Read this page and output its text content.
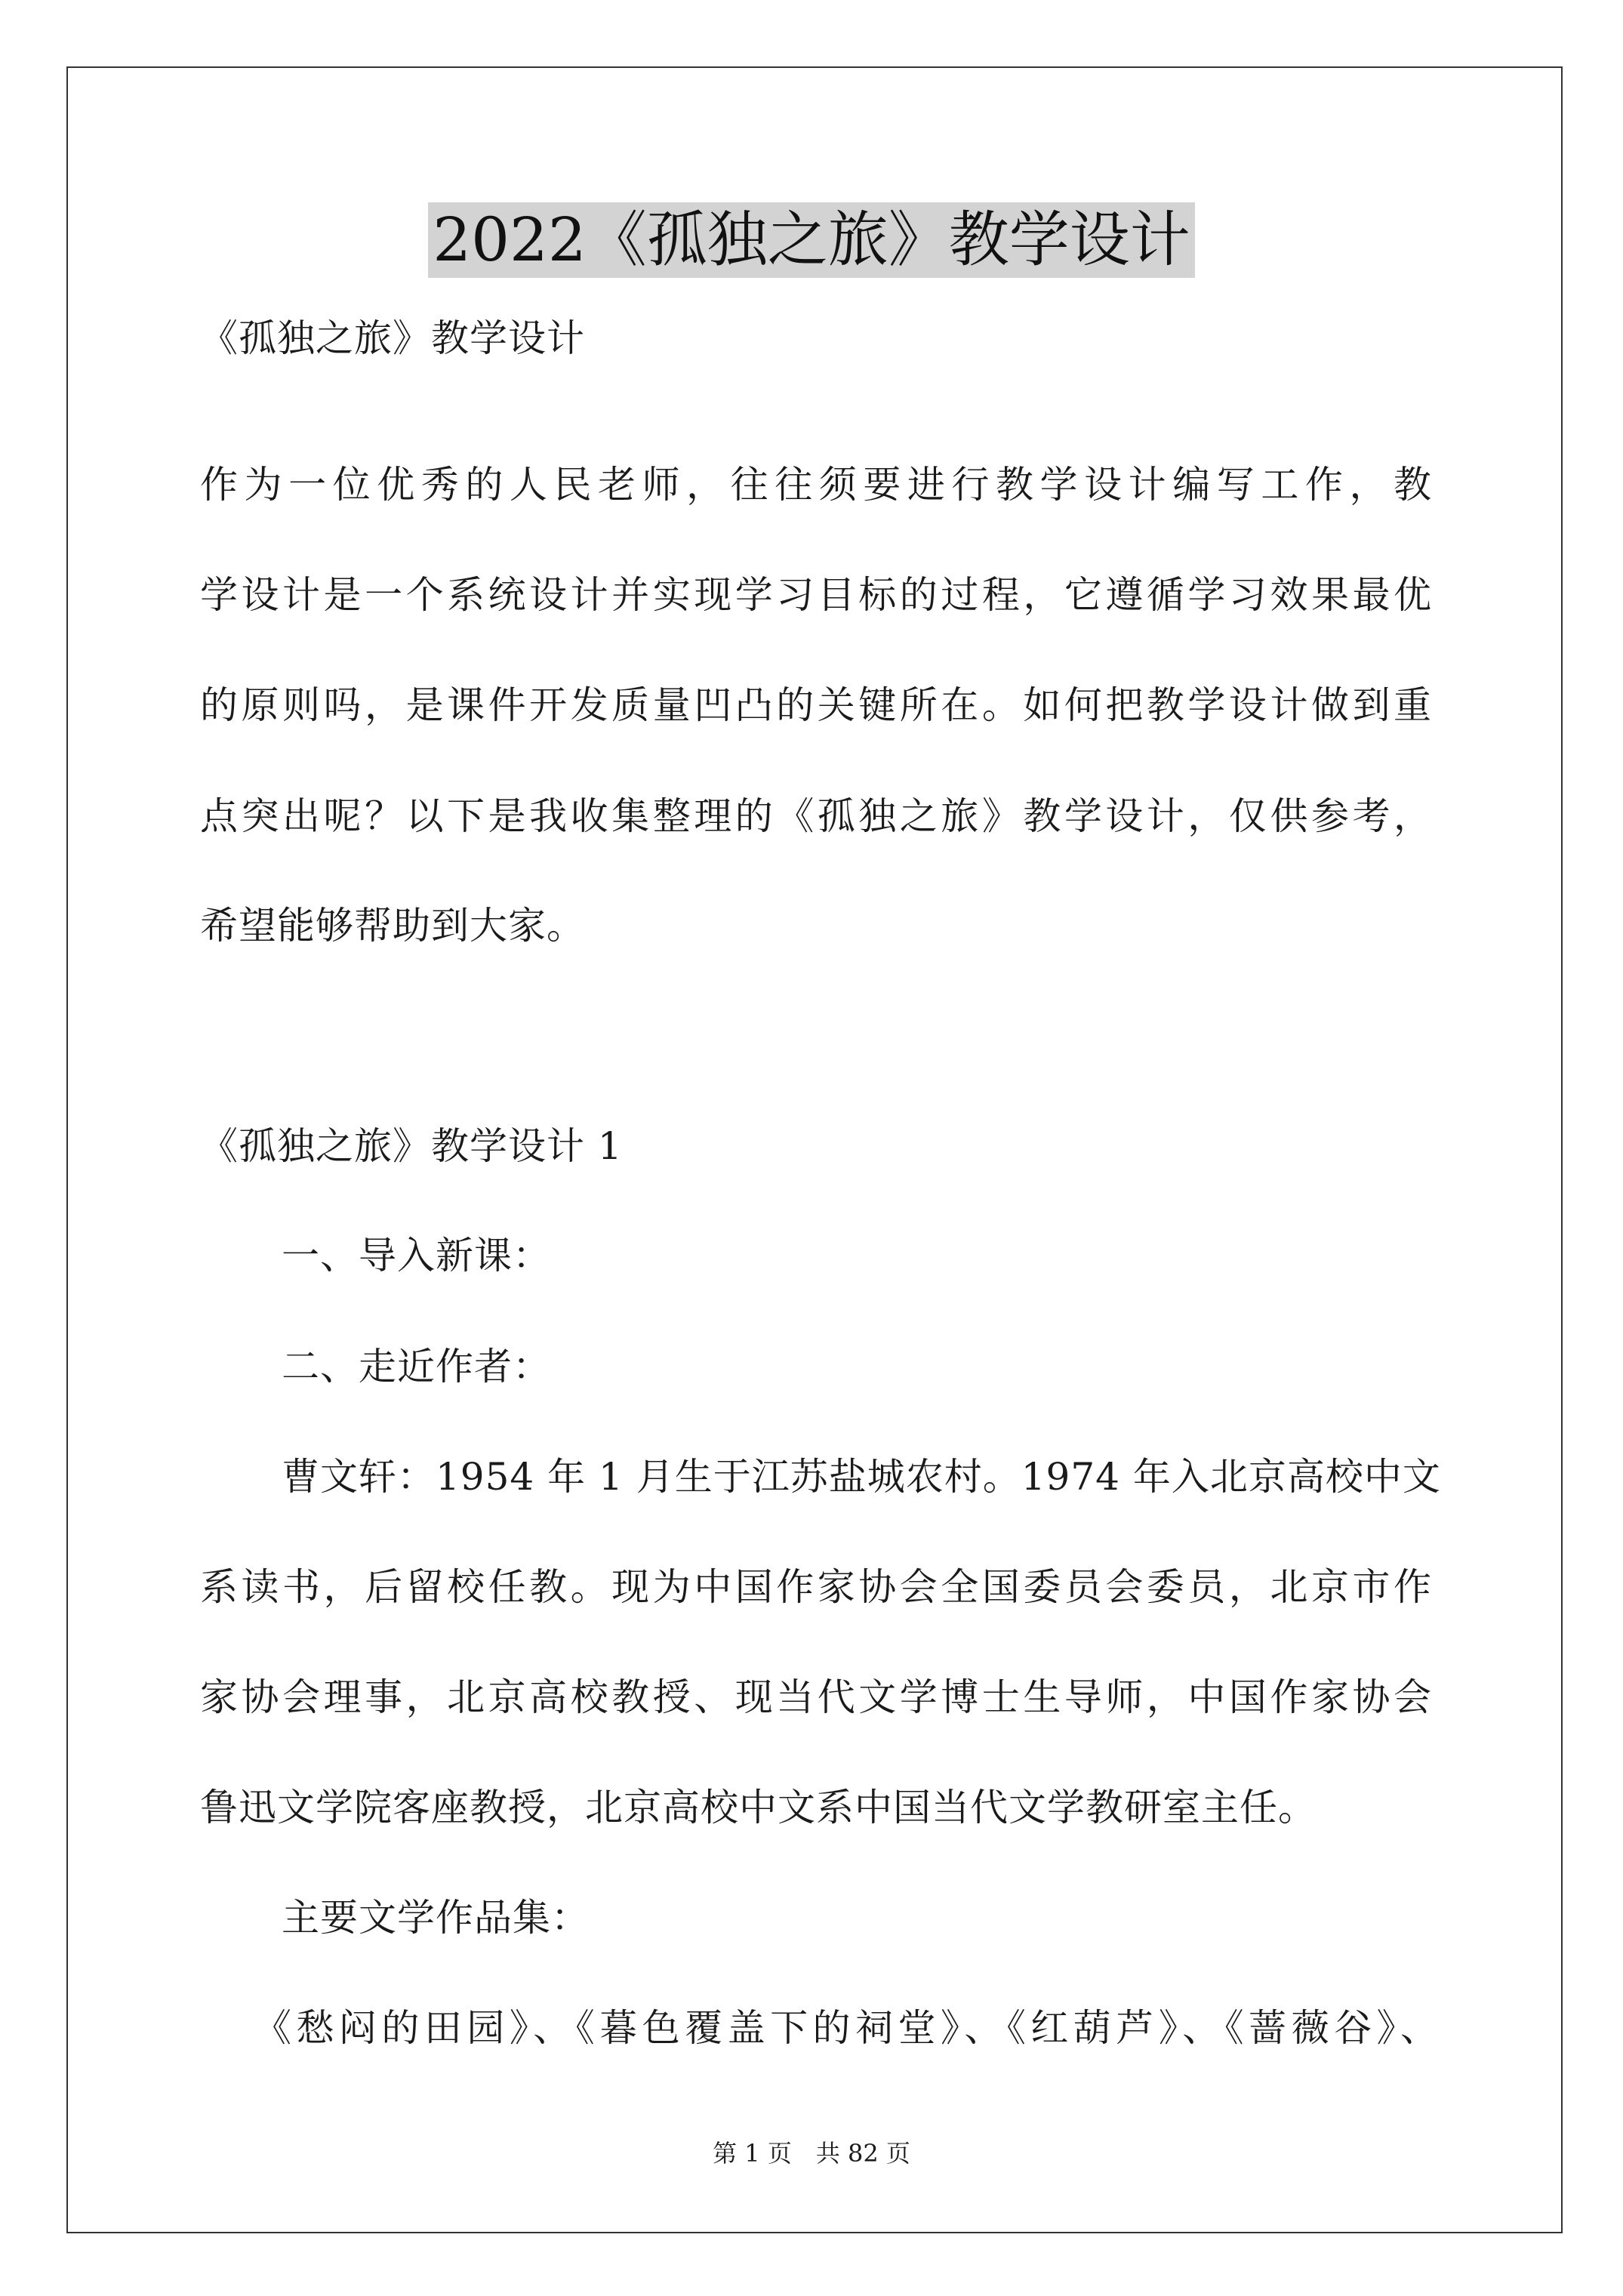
2022《孤独之旅》教学设计
《孤独之旅》教学设计
作为一位优秀的人民老师，往往须要进行教学设计编写工作，教
学设计是一个系统设计并实现学习目标的过程，它遵循学习效果最优
的原则吗，是课件开发质量凹凸的关键所在。如何把教学设计做到重
点突出呢？以下是我收集整理的《孤独之旅》教学设计，仅供参考，
希望能够帮助到大家。
《孤独之旅》教学设计 1
一、导入新课：
二、走近作者：
曹文轩：1954 年 1 月生于江苏盐城农村。1974 年入北京高校中文
系读书，后留校任教。现为中国作家协会全国委员会委员，北京市作
家协会理事，北京高校教授、现当代文学博士生导师，中国作家协会
鲁迅文学院客座教授，北京高校中文系中国当代文学教研室主任。
主要文学作品集：
《愁闷的田园》、《暮色覆盖下的祠堂》、《红葫芦》、《蔷薇谷》、
第 1 页　共 82 页
